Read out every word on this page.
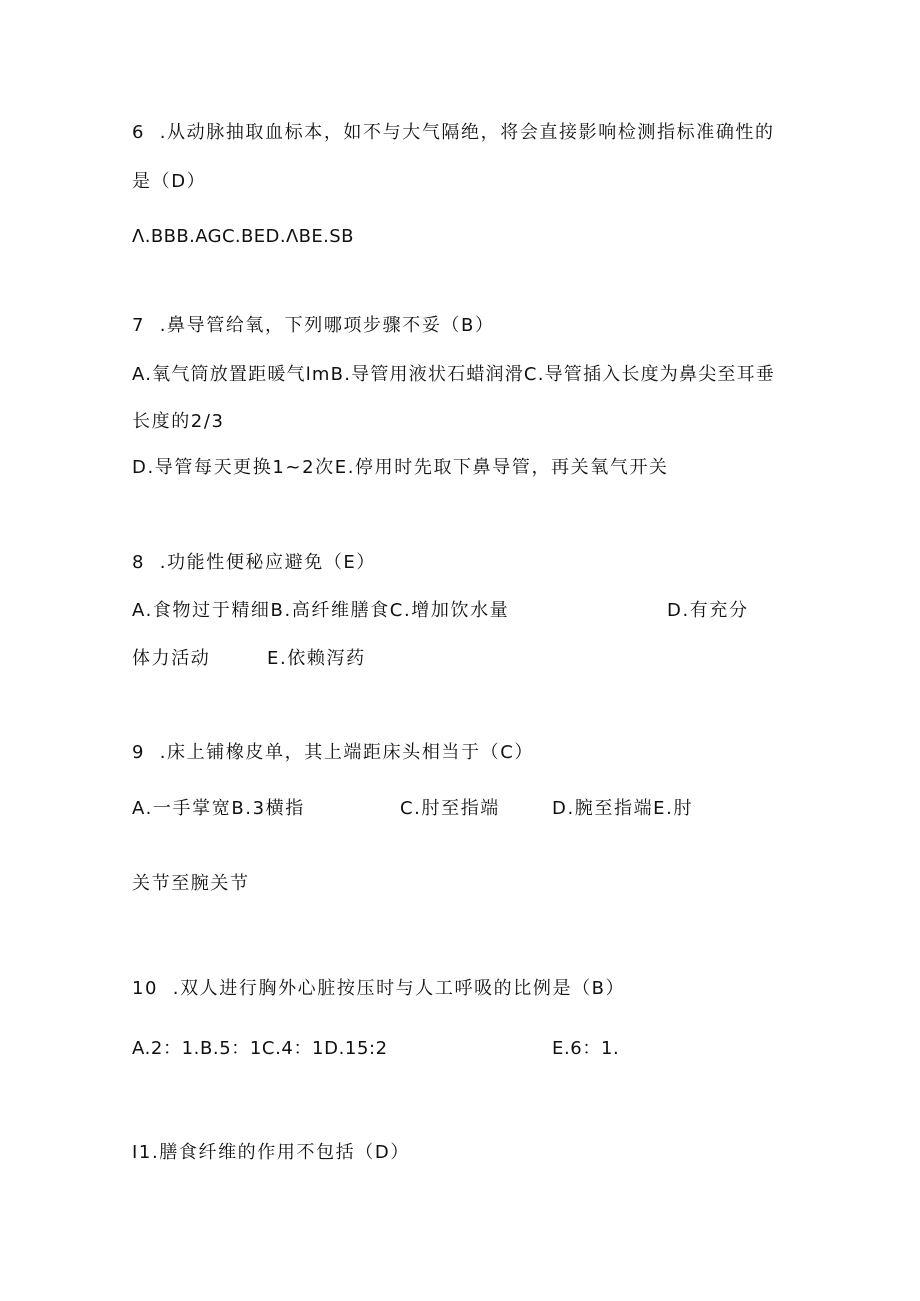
6  .从动脉抽取血标本，如不与大气隔绝，将会直接影响检测指标准确性的
是（D）
Λ.BBB.AGC.BED.ΛBE.SB
7  .鼻导管给氧，下列哪项步骤不妥（B）
A.氧气筒放置距暖气lmB.导管用液状石蜡润滑C.导管插入长度为鼻尖至耳垂
长度的2/3
D.导管每天更换1~2次E.停用时先取下鼻导管，再关氧气开关
8  .功能性便秘应避免（E）
A.食物过于精细B.高纤维膳食C.增加饮水量	D.有充分
体力活动	E.依赖泻药
9  .床上铺橡皮单，其上端距床头相当于（C）
A.一手掌宽B.3横指	C.肘至指端	D.腕至指端E.肘
关节至腕关节
10  .双人进行胸外心脏按压时与人工呼吸的比例是（B）
A.2：1.B.5：1C.4：1D.15:2	E.6：1.
I1.膳食纤维的作用不包括（D）
